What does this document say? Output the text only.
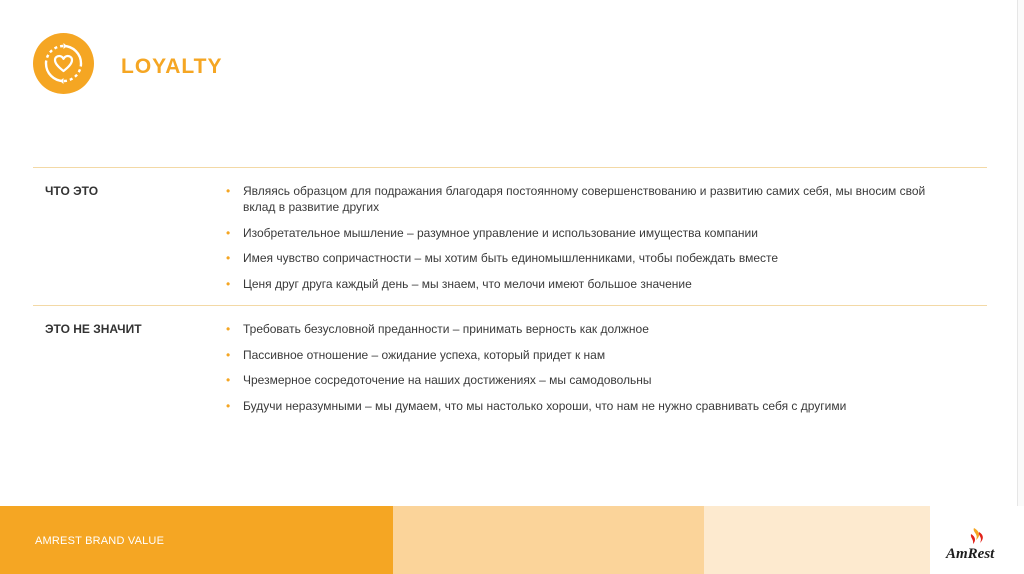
LOYALTY
ЧТО ЭТО	• Являясь образцом для подражания благодаря постоянному совершенствованию и развитию самих себя, мы вносим свой вклад в развитие других
• Изобретательное мышление – разумное управление и использование имущества компании
• Имея чувство сопричастности – мы хотим быть единомышленниками, чтобы побеждать вместе
• Ценя друг друга каждый день – мы знаем, что мелочи имеют большое значение
ЭТО НЕ ЗНАЧИТ	• Требовать безусловной преданности – принимать верность как должное
• Пассивное отношение – ожидание успеха, который придет к нам
• Чрезмерное сосредоточение на наших достижениях – мы самодовольны
• Будучи неразумными – мы думаем, что мы настолько хороши, что нам не нужно сравнивать себя с другими
AMREST BRAND VALUE
AmRest
